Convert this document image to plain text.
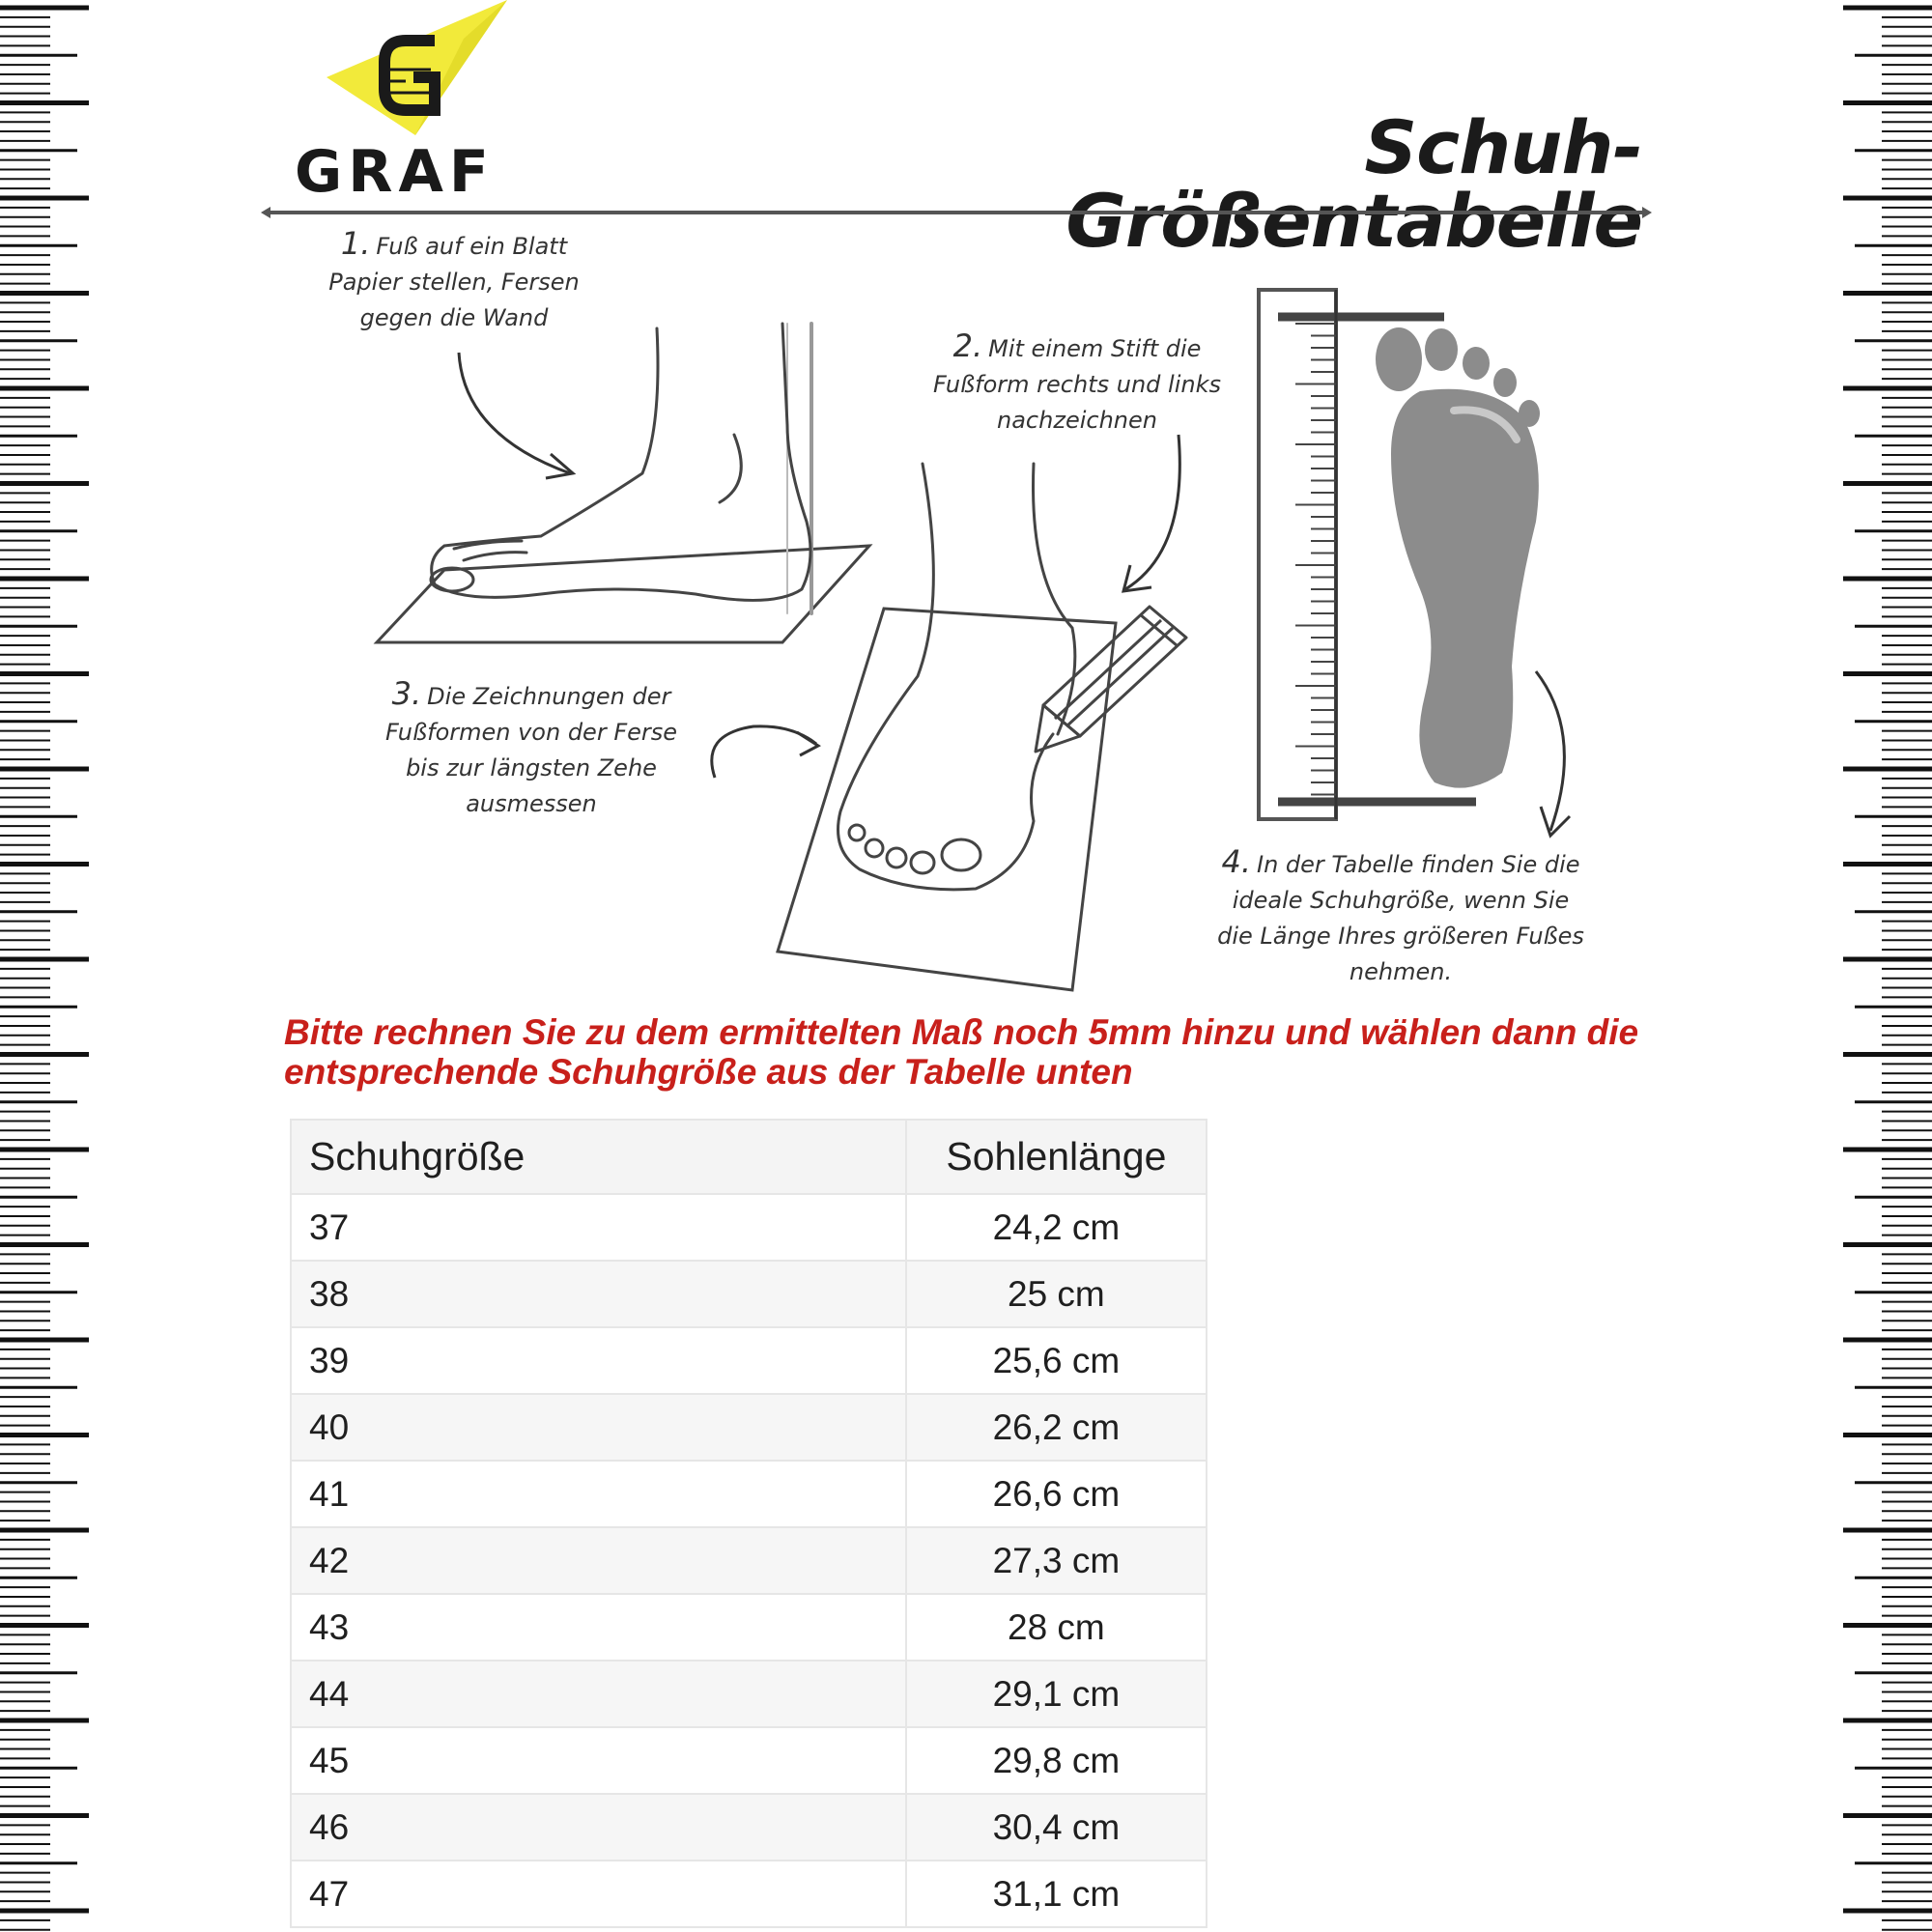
GRAF	Schuh-Größentabelle

1. Fuß auf ein Blatt Papier stellen, Fersen gegen die Wand

2. Mit einem Stift die Fußform rechts und links nachzeichnen

3. Die Zeichnungen der Fußformen von der Ferse bis zur längsten Zehe ausmessen

4. In der Tabelle finden Sie die ideale Schuhgröße, wenn Sie die Länge Ihres größeren Fußes nehmen.

Bitte rechnen Sie zu dem ermittelten Maß noch 5mm hinzu und wählen dann die entsprechende Schuhgröße aus der Tabelle unten

Schuhgröße	Sohlenlänge
37	24,2 cm
38	25 cm
39	25,6 cm
40	26,2 cm
41	26,6 cm
42	27,3 cm
43	28 cm
44	29,1 cm
45	29,8 cm
46	30,4 cm
47	31,1 cm
